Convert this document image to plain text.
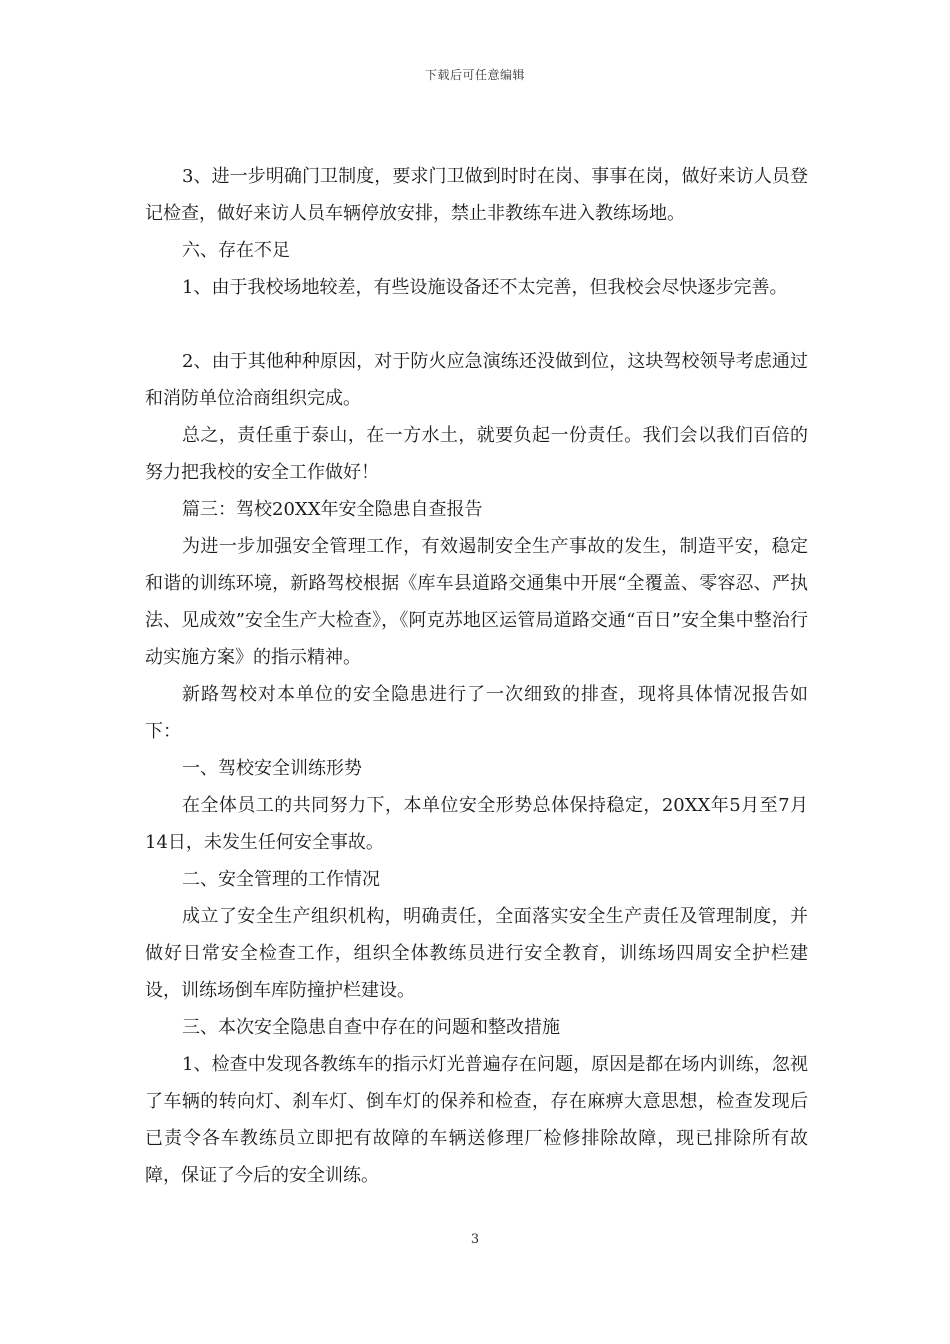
下载后可任意编辑

3、进一步明确门卫制度，要求门卫做到时时在岗、事事在岗，做好来访人员登记检查，做好来访人员车辆停放安排，禁止非教练车进入教练场地。

六、存在不足

1、由于我校场地较差，有些设施设备还不太完善，但我校会尽快逐步完善。

2、由于其他种种原因，对于防火应急演练还没做到位，这块驾校领导考虑通过和消防单位洽商组织完成。

总之，责任重于泰山，在一方水土，就要负起一份责任。我们会以我们百倍的努力把我校的安全工作做好！

篇三：驾校20XX年安全隐患自查报告

为进一步加强安全管理工作，有效遏制安全生产事故的发生，制造平安，稳定和谐的训练环境，新路驾校根据《库车县道路交通集中开展“全覆盖、零容忍、严执法、见成效”安全生产大检查》，《阿克苏地区运管局道路交通“百日”安全集中整治行动实施方案》的指示精神。

新路驾校对本单位的安全隐患进行了一次细致的排查，现将具体情况报告如下：

一、驾校安全训练形势

在全体员工的共同努力下，本单位安全形势总体保持稳定，20XX年5月至7月14日，未发生任何安全事故。

二、安全管理的工作情况

成立了安全生产组织机构，明确责任，全面落实安全生产责任及管理制度，并做好日常安全检查工作，组织全体教练员进行安全教育，训练场四周安全护栏建设，训练场倒车库防撞护栏建设。

三、本次安全隐患自查中存在的问题和整改措施

1、检查中发现各教练车的指示灯光普遍存在问题，原因是都在场内训练，忽视了车辆的转向灯、刹车灯、倒车灯的保养和检查，存在麻痹大意思想，检查发现后已责令各车教练员立即把有故障的车辆送修理厂检修排除故障，现已排除所有故障，保证了今后的安全训练。

3
